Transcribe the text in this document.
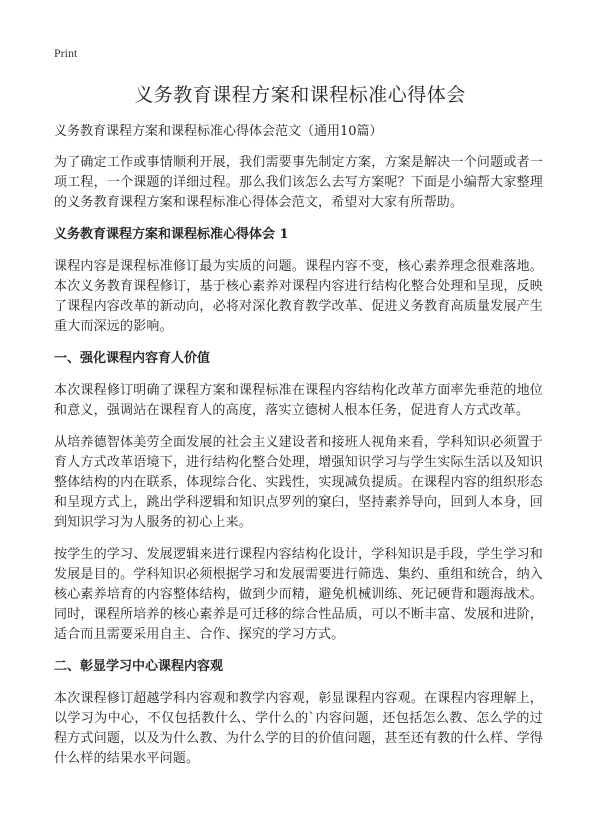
Print
义务教育课程方案和课程标准心得体会
义务教育课程方案和课程标准心得体会范文（通用10篇）

为了确定工作或事情顺利开展，我们需要事先制定方案，方案是解决一个问题或者一项工程，一个课题的详细过程。那么我们该怎么去写方案呢？下面是小编帮大家整理的义务教育课程方案和课程标准心得体会范文，希望对大家有所帮助。

义务教育课程方案和课程标准心得体会 1

课程内容是课程标准修订最为实质的问题。课程内容不变，核心素养理念很难落地。本次义务教育课程修订，基于核心素养对课程内容进行结构化整合处理和呈现，反映了课程内容改革的新动向，必将对深化教育教学改革、促进义务教育高质量发展产生重大而深远的影响。

一、强化课程内容育人价值

本次课程修订明确了课程方案和课程标准在课程内容结构化改革方面率先垂范的地位和意义，强调站在课程育人的高度，落实立德树人根本任务，促进育人方式改革。

从培养德智体美劳全面发展的社会主义建设者和接班人视角来看，学科知识必须置于育人方式改革语境下，进行结构化整合处理，增强知识学习与学生实际生活以及知识整体结构的内在联系，体现综合化、实践性，实现减负提质。在课程内容的组织形态和呈现方式上，跳出学科逻辑和知识点罗列的窠臼，坚持素养导向，回到人本身，回到知识学习为人服务的初心上来。

按学生的学习、发展逻辑来进行课程内容结构化设计，学科知识是手段，学生学习和发展是目的。学科知识必须根据学习和发展需要进行筛选、集约、重组和统合，纳入核心素养培育的内容整体结构，做到少而精，避免机械训练、死记硬背和题海战术。同时，课程所培养的核心素养是可迁移的综合性品质，可以不断丰富、发展和进阶，适合而且需要采用自主、合作、探究的学习方式。

二、彰显学习中心课程内容观

本次课程修订超越学科内容观和教学内容观，彰显课程内容观。在课程内容理解上，以学习为中心，不仅包括教什么、学什么的`内容问题，还包括怎么教、怎么学的过程方式问题，以及为什么教、为什么学的目的价值问题，甚至还有教的什么样、学得什么样的结果水平问题。
